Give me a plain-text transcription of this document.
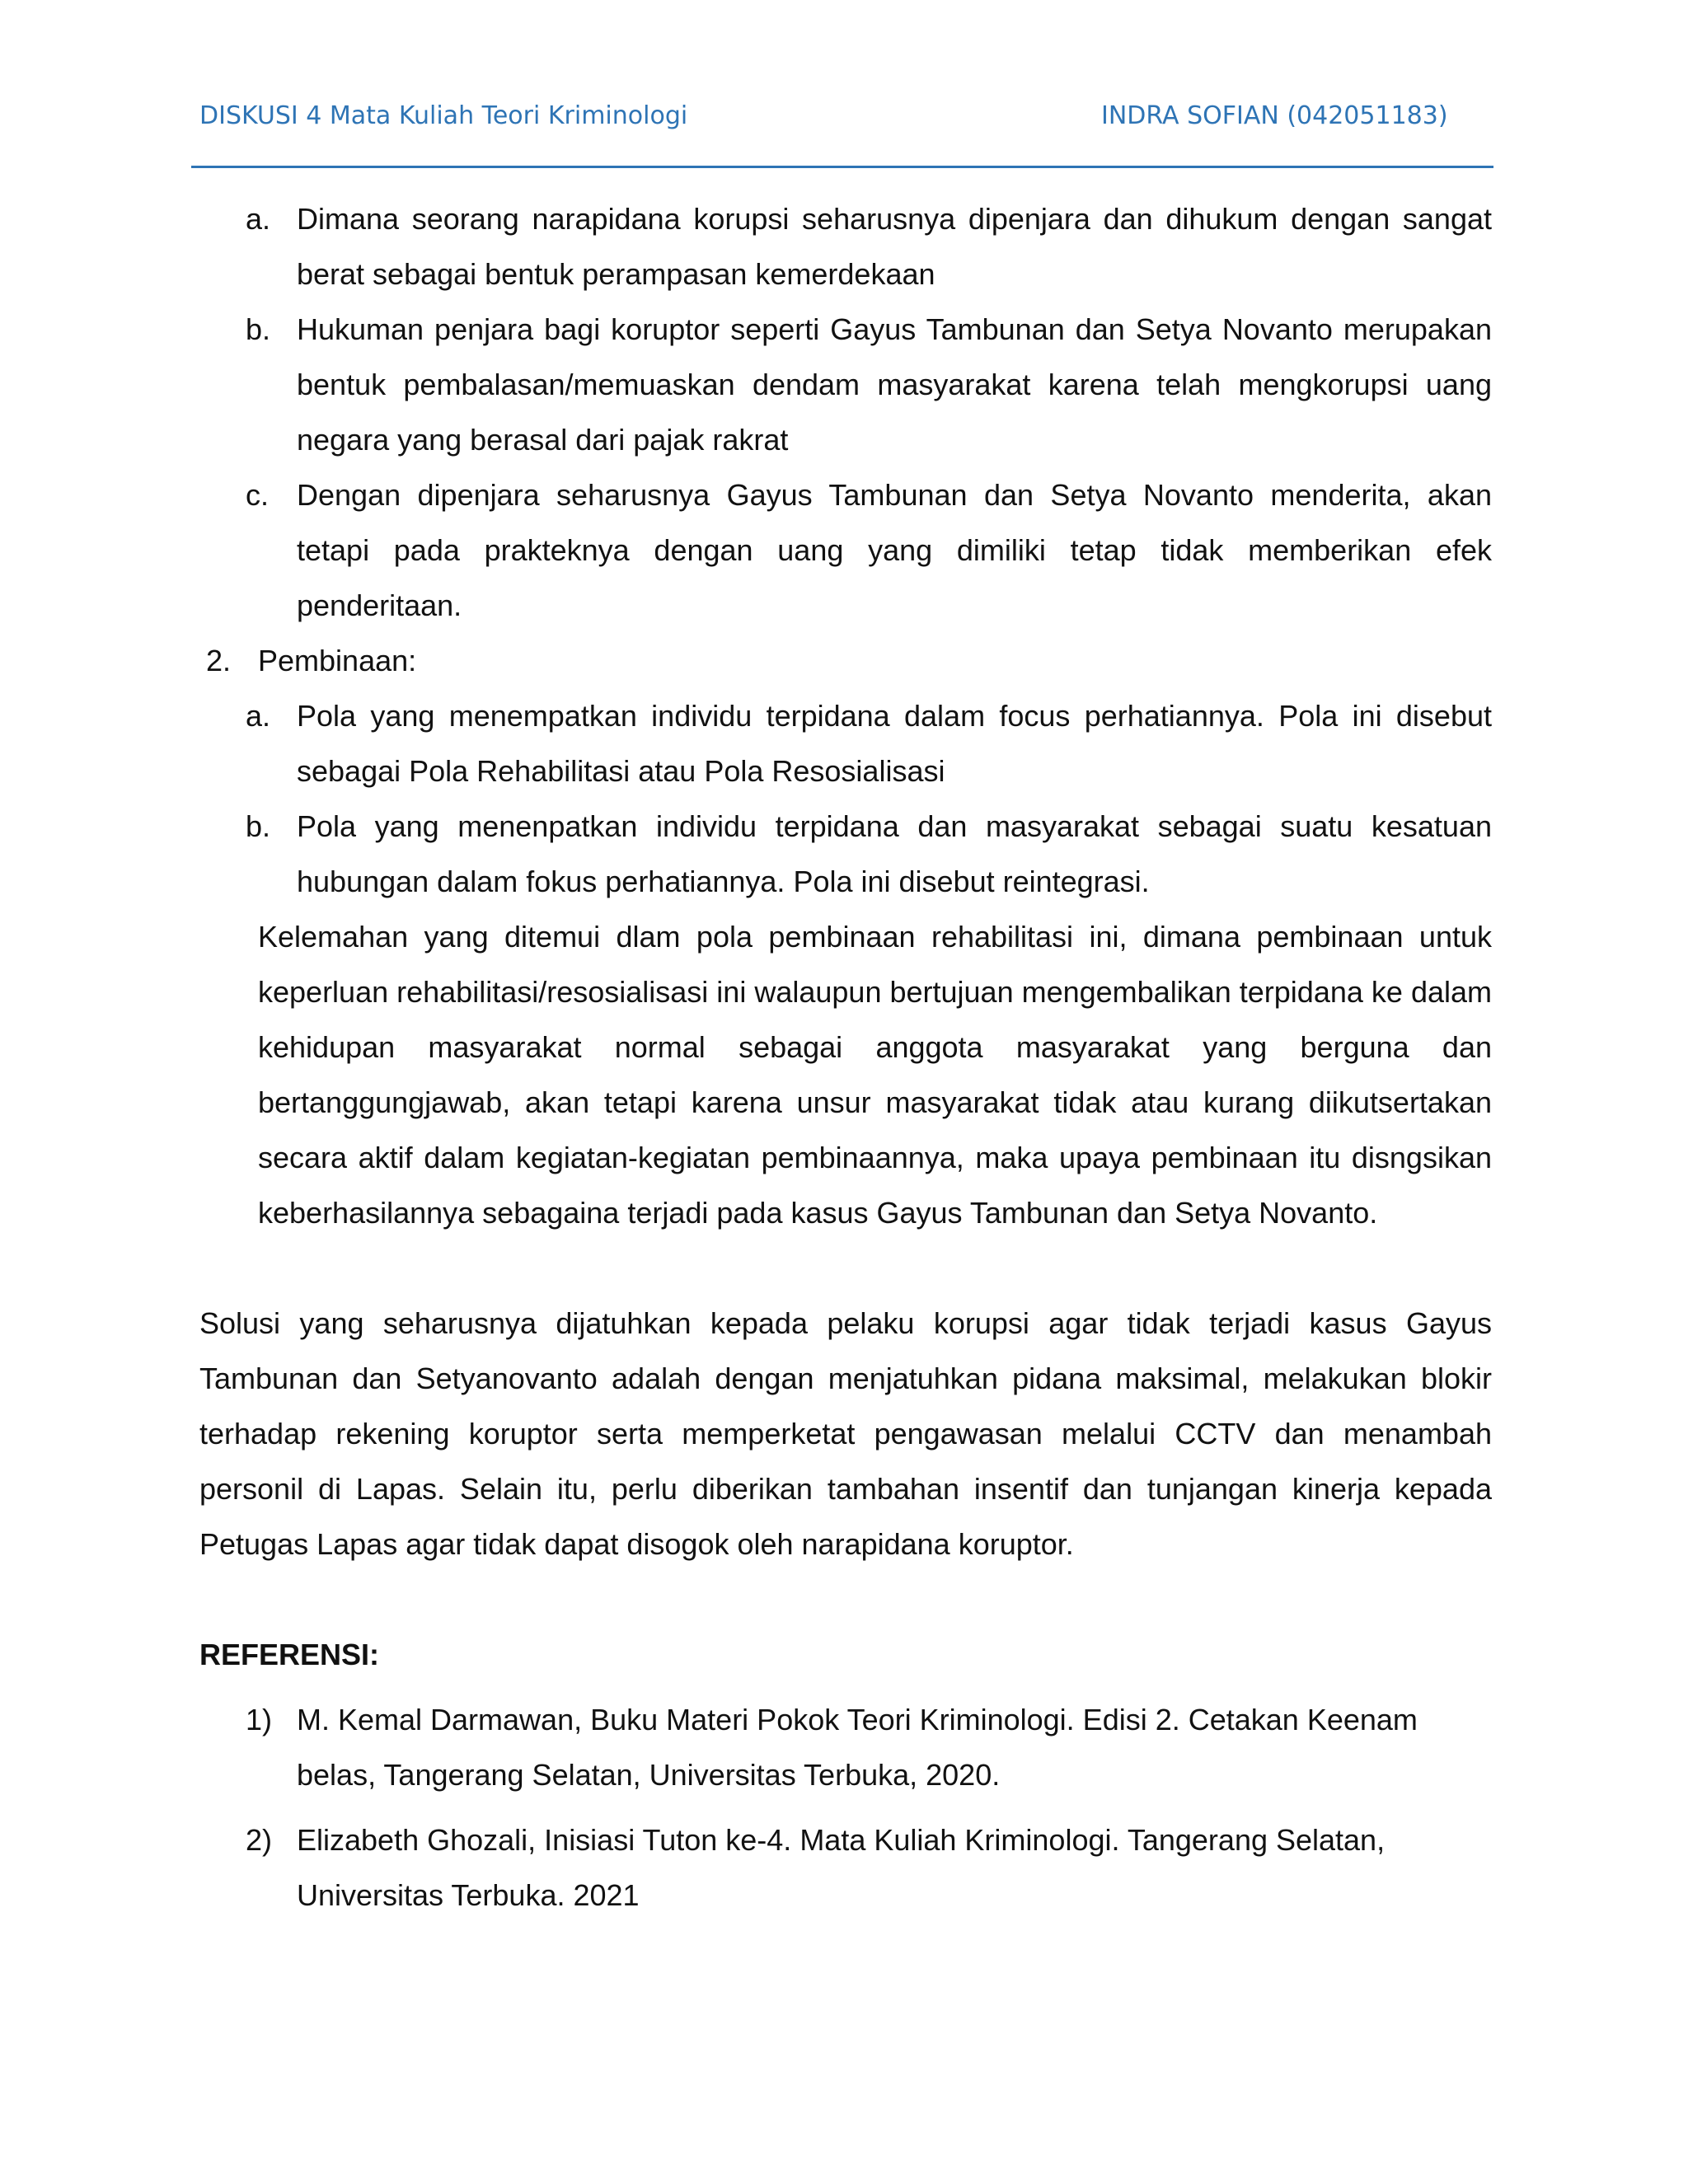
DISKUSI 4 Mata Kuliah Teori Kriminologi	INDRA SOFIAN (042051183)

a. Dimana seorang narapidana korupsi seharusnya dipenjara dan dihukum dengan sangat berat sebagai bentuk perampasan kemerdekaan

b. Hukuman penjara bagi koruptor seperti Gayus Tambunan dan Setya Novanto merupakan bentuk pembalasan/memuaskan dendam masyarakat karena telah mengkorupsi uang negara yang berasal dari pajak rakrat

c. Dengan dipenjara seharusnya Gayus Tambunan dan Setya Novanto menderita, akan tetapi pada prakteknya dengan uang yang dimiliki tetap tidak memberikan efek penderitaan.

2. Pembinaan:

a. Pola yang menempatkan individu terpidana dalam focus perhatiannya. Pola ini disebut sebagai Pola Rehabilitasi atau Pola Resosialisasi

b. Pola yang menenpatkan individu terpidana dan masyarakat sebagai suatu kesatuan hubungan dalam fokus perhatiannya. Pola ini disebut reintegrasi.

Kelemahan yang ditemui dlam pola pembinaan rehabilitasi ini, dimana pembinaan untuk keperluan rehabilitasi/resosialisasi ini walaupun bertujuan mengembalikan terpidana ke dalam kehidupan masyarakat normal sebagai anggota masyarakat yang berguna dan bertanggungjawab, akan tetapi karena unsur masyarakat tidak atau kurang diikutsertakan secara aktif dalam kegiatan-kegiatan pembinaannya, maka upaya pembinaan itu disngsikan keberhasilannya sebagaina terjadi pada kasus Gayus Tambunan dan Setya Novanto.

Solusi yang seharusnya dijatuhkan kepada pelaku korupsi agar tidak terjadi kasus Gayus Tambunan dan Setyanovanto adalah dengan menjatuhkan pidana maksimal, melakukan blokir terhadap rekening koruptor serta memperketat pengawasan melalui CCTV dan menambah personil di Lapas. Selain itu, perlu diberikan tambahan insentif dan tunjangan kinerja kepada Petugas Lapas agar tidak dapat disogok oleh narapidana koruptor.

REFERENSI:

1) M. Kemal Darmawan, Buku Materi Pokok Teori Kriminologi. Edisi 2. Cetakan Keenam belas, Tangerang Selatan, Universitas Terbuka, 2020.

2) Elizabeth Ghozali, Inisiasi Tuton ke-4. Mata Kuliah Kriminologi. Tangerang Selatan, Universitas Terbuka. 2021
